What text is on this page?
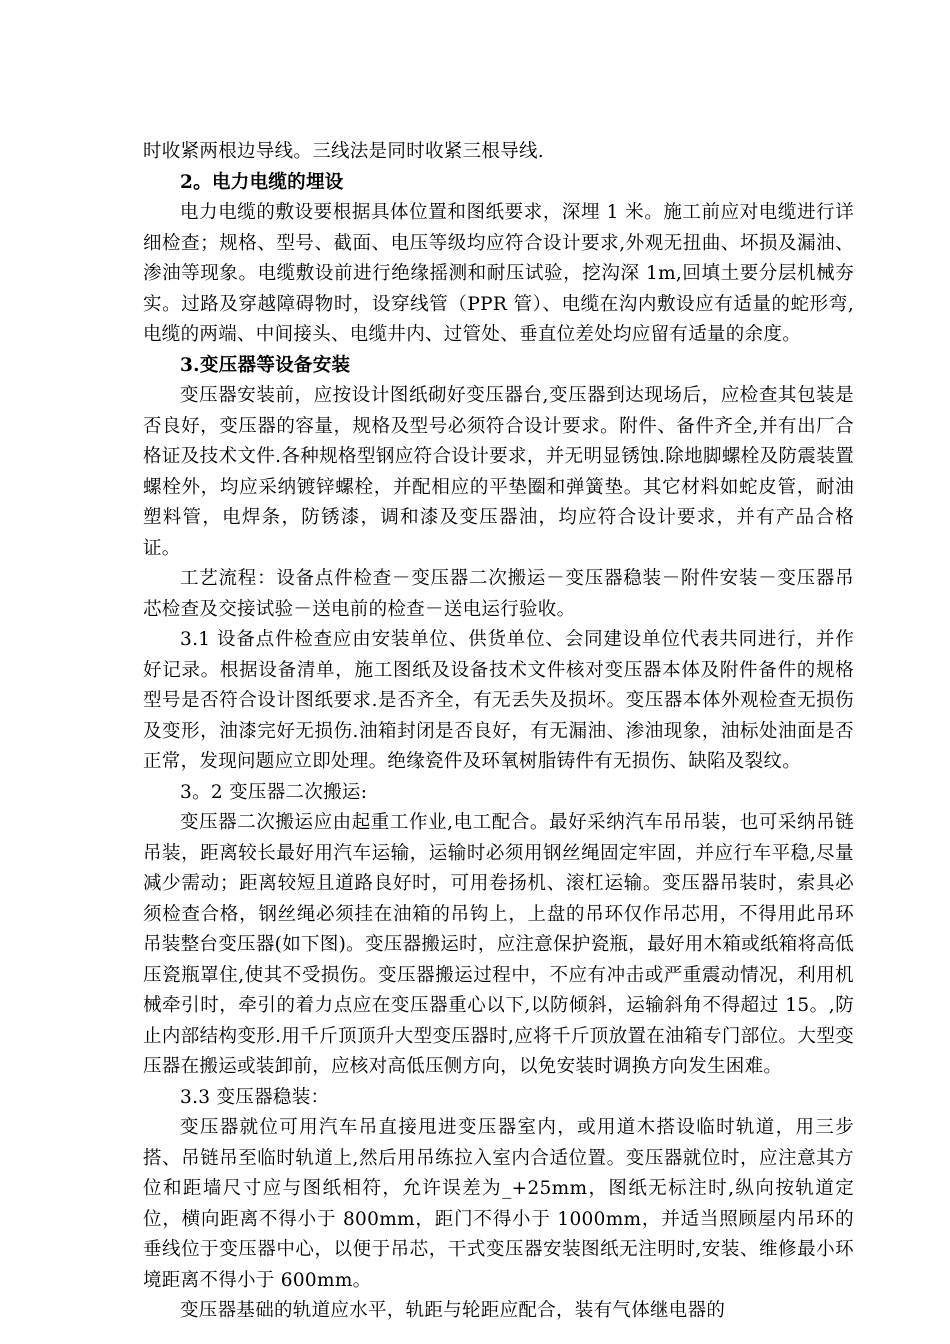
时收紧两根边导线。三线法是同时收紧三根导线.

2。电力电缆的埋设

电力电缆的敷设要根据具体位置和图纸要求，深埋 1 米。施工前应对电缆进行详细检查；规格、型号、截面、电压等级均应符合设计要求,外观无扭曲、坏损及漏油、渗油等现象。电缆敷设前进行绝缘摇测和耐压试验，挖沟深 1m,回填土要分层机械夯实。过路及穿越障碍物时，设穿线管（PPR 管）、电缆在沟内敷设应有适量的蛇形弯,电缆的两端、中间接头、电缆井内、过管处、垂直位差处均应留有适量的余度。

3.变压器等设备安装

变压器安装前，应按设计图纸砌好变压器台,变压器到达现场后，应检查其包装是否良好，变压器的容量，规格及型号必须符合设计要求。附件、备件齐全,并有出厂合格证及技术文件.各种规格型钢应符合设计要求，并无明显锈蚀.除地脚螺栓及防震装置螺栓外，均应采纳镀锌螺栓，并配相应的平垫圈和弹簧垫。其它材料如蛇皮管，耐油塑料管，电焊条，防锈漆，调和漆及变压器油，均应符合设计要求，并有产品合格证。

工艺流程：设备点件检查－变压器二次搬运－变压器稳装－附件安装－变压器吊芯检查及交接试验－送电前的检查－送电运行验收。

3.1 设备点件检查应由安装单位、供货单位、会同建设单位代表共同进行，并作好记录。根据设备清单，施工图纸及设备技术文件核对变压器本体及附件备件的规格型号是否符合设计图纸要求.是否齐全，有无丢失及损坏。变压器本体外观检查无损伤及变形，油漆完好无损伤.油箱封闭是否良好，有无漏油、渗油现象，油标处油面是否正常，发现问题应立即处理。绝缘瓷件及环氧树脂铸件有无损伤、缺陷及裂纹。

3。2 变压器二次搬运:

变压器二次搬运应由起重工作业,电工配合。最好采纳汽车吊吊装，也可采纳吊链吊装，距离较长最好用汽车运输，运输时必须用钢丝绳固定牢固，并应行车平稳,尽量减少需动；距离较短且道路良好时，可用卷扬机、滚杠运输。变压器吊装时，索具必须检查合格，钢丝绳必须挂在油箱的吊钩上，上盘的吊环仅作吊芯用，不得用此吊环吊装整台变压器(如下图)。变压器搬运时，应注意保护瓷瓶，最好用木箱或纸箱将高低压瓷瓶罩住,使其不受损伤。变压器搬运过程中，不应有冲击或严重震动情况，利用机械牵引时，牵引的着力点应在变压器重心以下,以防倾斜，运输斜角不得超过 15。,防止内部结构变形.用千斤顶顶升大型变压器时,应将千斤顶放置在油箱专门部位。大型变压器在搬运或装卸前，应核对高低压侧方向，以免安装时调换方向发生困难。

3.3 变压器稳装：

变压器就位可用汽车吊直接甩进变压器室内，或用道木搭设临时轨道，用三步搭、吊链吊至临时轨道上,然后用吊练拉入室内合适位置。变压器就位时，应注意其方位和距墙尺寸应与图纸相符，允许误差为_+25mm，图纸无标注时,纵向按轨道定位，横向距离不得小于 800mm，距门不得小于 1000mm，并适当照顾屋内吊环的垂线位于变压器中心，以便于吊芯，干式变压器安装图纸无注明时,安装、维修最小环境距离不得小于 600mm。

变压器基础的轨道应水平，轨距与轮距应配合，装有气体继电器的
